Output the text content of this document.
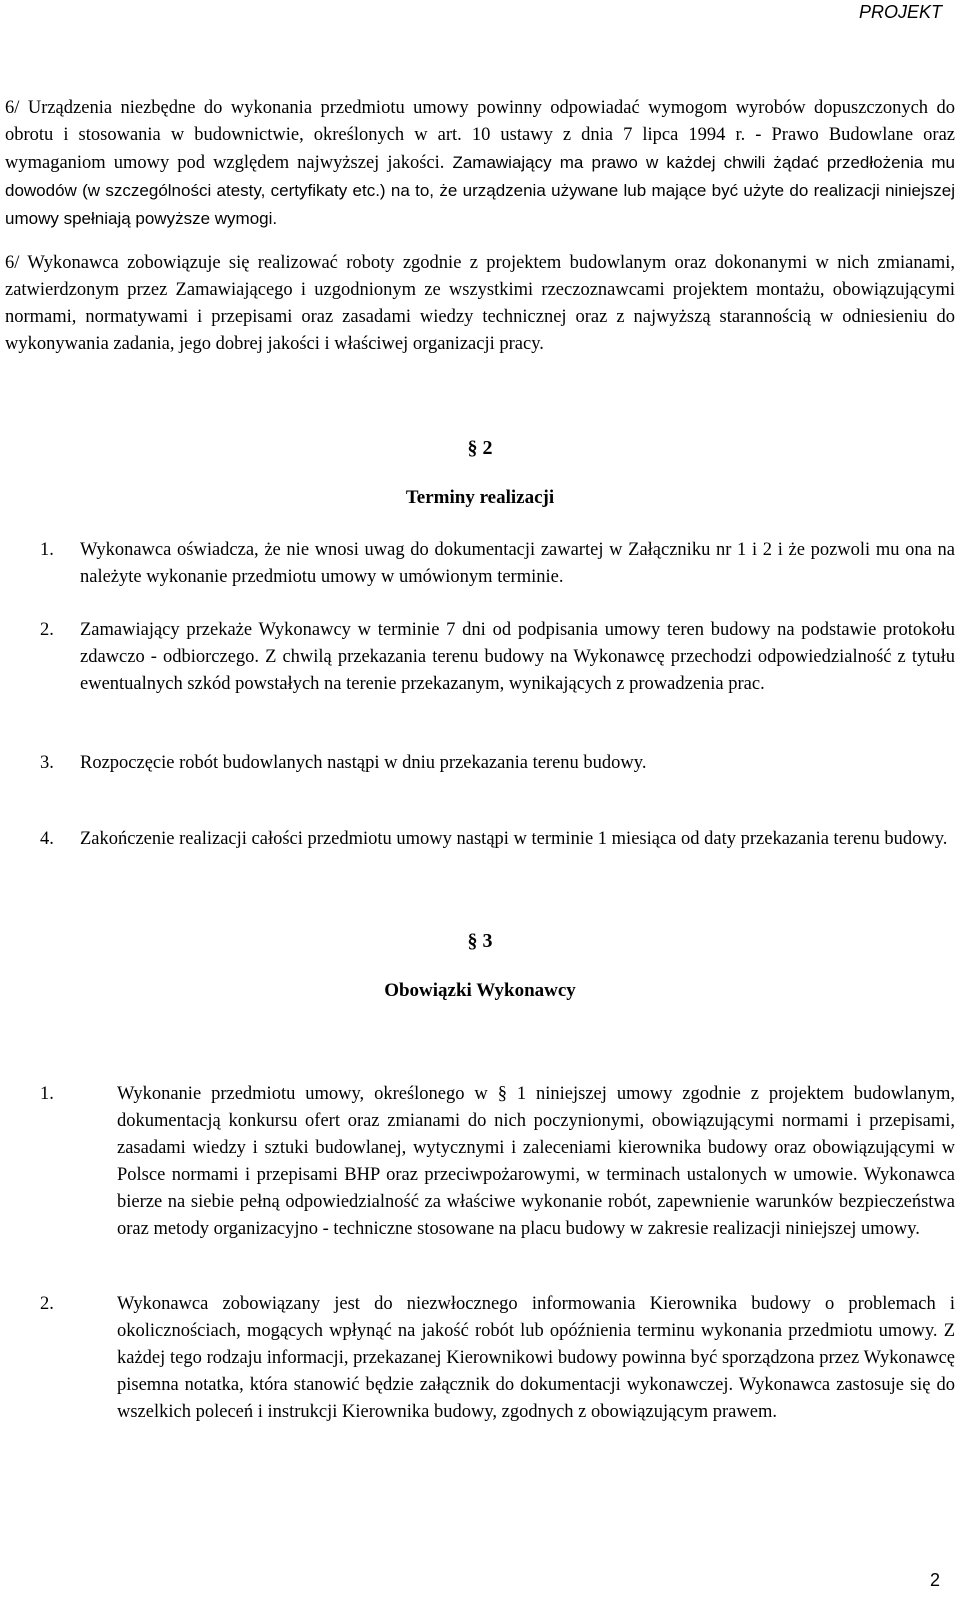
PROJEKT
6/ Urządzenia niezbędne do wykonania przedmiotu umowy powinny odpowiadać wymogom wyrobów dopuszczonych do obrotu i stosowania w budownictwie, określonych w art. 10 ustawy z dnia 7 lipca 1994 r. - Prawo Budowlane oraz wymaganiom umowy pod względem najwyższej jakości. Zamawiający ma prawo w każdej chwili żądać przedłożenia mu dowodów (w szczególności atesty, certyfikaty etc.) na to, że urządzenia używane lub mające być użyte do realizacji niniejszej umowy spełniają powyższe wymogi.
6/ Wykonawca zobowiązuje się realizować roboty zgodnie z projektem budowlanym oraz dokonanymi w nich zmianami, zatwierdzonym przez Zamawiającego i uzgodnionym ze wszystkimi rzeczoznawcami projektem montażu, obowiązującymi normami, normatywami i przepisami oraz zasadami wiedzy technicznej oraz z najwyższą starannością w odniesieniu do wykonywania zadania, jego dobrej jakości i właściwej organizacji pracy.
§ 2
Terminy realizacji
1. Wykonawca oświadcza, że nie wnosi uwag do dokumentacji zawartej w Załączniku nr 1 i 2 i że pozwoli mu ona na należyte wykonanie przedmiotu umowy w umówionym terminie.
2. Zamawiający przekaże Wykonawcy w terminie 7 dni od podpisania umowy teren budowy na podstawie protokołu zdawczo - odbiorczego. Z chwilą przekazania terenu budowy na Wykonawcę przechodzi odpowiedzialność z tytułu ewentualnych szkód powstałych na terenie przekazanym, wynikających z prowadzenia prac.
3. Rozpoczęcie robót budowlanych nastąpi w dniu przekazania terenu budowy.
4. Zakończenie realizacji całości przedmiotu umowy nastąpi w terminie 1 miesiąca od daty przekazania terenu budowy.
§ 3
Obowiązki Wykonawcy
1.	Wykonanie przedmiotu umowy, określonego w § 1 niniejszej umowy zgodnie z projektem budowlanym, dokumentacją konkursu ofert oraz zmianami do nich poczynionymi, obowiązującymi normami i przepisami, zasadami wiedzy i sztuki budowlanej, wytycznymi i zaleceniami kierownika budowy oraz obowiązującymi w Polsce normami i przepisami BHP oraz przeciwpożarowymi, w terminach ustalonych w umowie. Wykonawca bierze na siebie pełną odpowiedzialność za właściwe wykonanie robót, zapewnienie warunków bezpieczeństwa oraz metody organizacyjno - techniczne stosowane na placu budowy w zakresie realizacji niniejszej umowy.
2.	Wykonawca zobowiązany jest do niezwłocznego informowania Kierownika budowy o problemach i okolicznościach, mogących wpłynąć na jakość robót lub opóźnienia terminu wykonania przedmiotu umowy. Z każdej tego rodzaju informacji, przekazanej Kierownikowi budowy powinna być sporządzona przez Wykonawcę pisemna notatka, która stanowić będzie załącznik do dokumentacji wykonawczej. Wykonawca zastosuje się do wszelkich poleceń i instrukcji Kierownika budowy, zgodnych z obowiązującym prawem.
2
